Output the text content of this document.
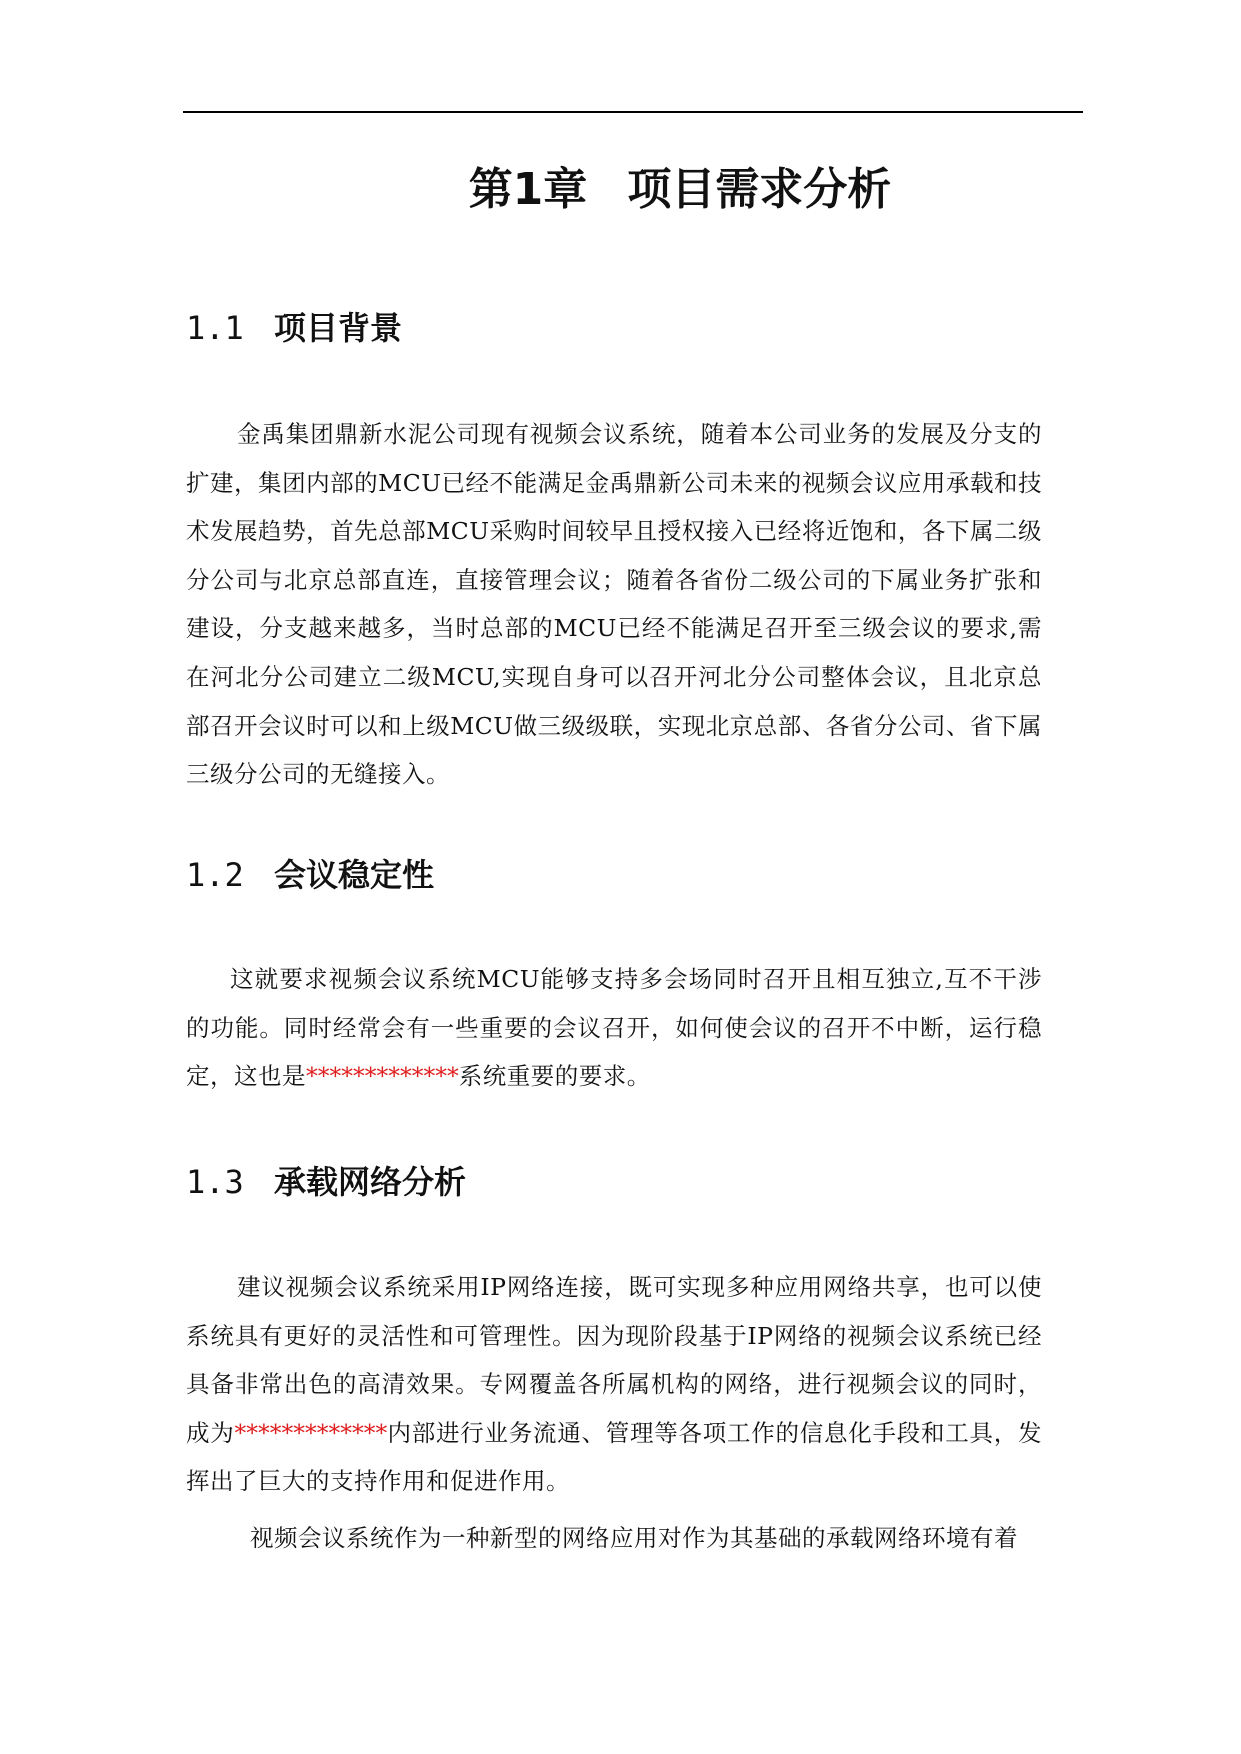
第1章 项目需求分析
1.1 项目背景

金禹集团鼎新水泥公司现有视频会议系统，随着本公司业务的发展及分支的扩建，集团内部的MCU已经不能满足金禹鼎新公司未来的视频会议应用承载和技术发展趋势，首先总部MCU采购时间较早且授权接入已经将近饱和，各下属二级分公司与北京总部直连，直接管理会议；随着各省份二级公司的下属业务扩张和建设，分支越来越多，当时总部的MCU已经不能满足召开至三级会议的要求,需在河北分公司建立二级MCU,实现自身可以召开河北分公司整体会议，且北京总部召开会议时可以和上级MCU做三级级联，实现北京总部、各省分公司、省下属三级分公司的无缝接入。

1.2 会议稳定性

这就要求视频会议系统MCU能够支持多会场同时召开且相互独立,互不干涉的功能。同时经常会有一些重要的会议召开，如何使会议的召开不中断，运行稳定，这也是*************系统重要的要求。

1.3 承载网络分析

建议视频会议系统采用IP网络连接，既可实现多种应用网络共享，也可以使系统具有更好的灵活性和可管理性。因为现阶段基于IP网络的视频会议系统已经具备非常出色的高清效果。专网覆盖各所属机构的网络，进行视频会议的同时，成为*************内部进行业务流通、管理等各项工作的信息化手段和工具，发挥出了巨大的支持作用和促进作用。

视频会议系统作为一种新型的网络应用对作为其基础的承载网络环境有着
